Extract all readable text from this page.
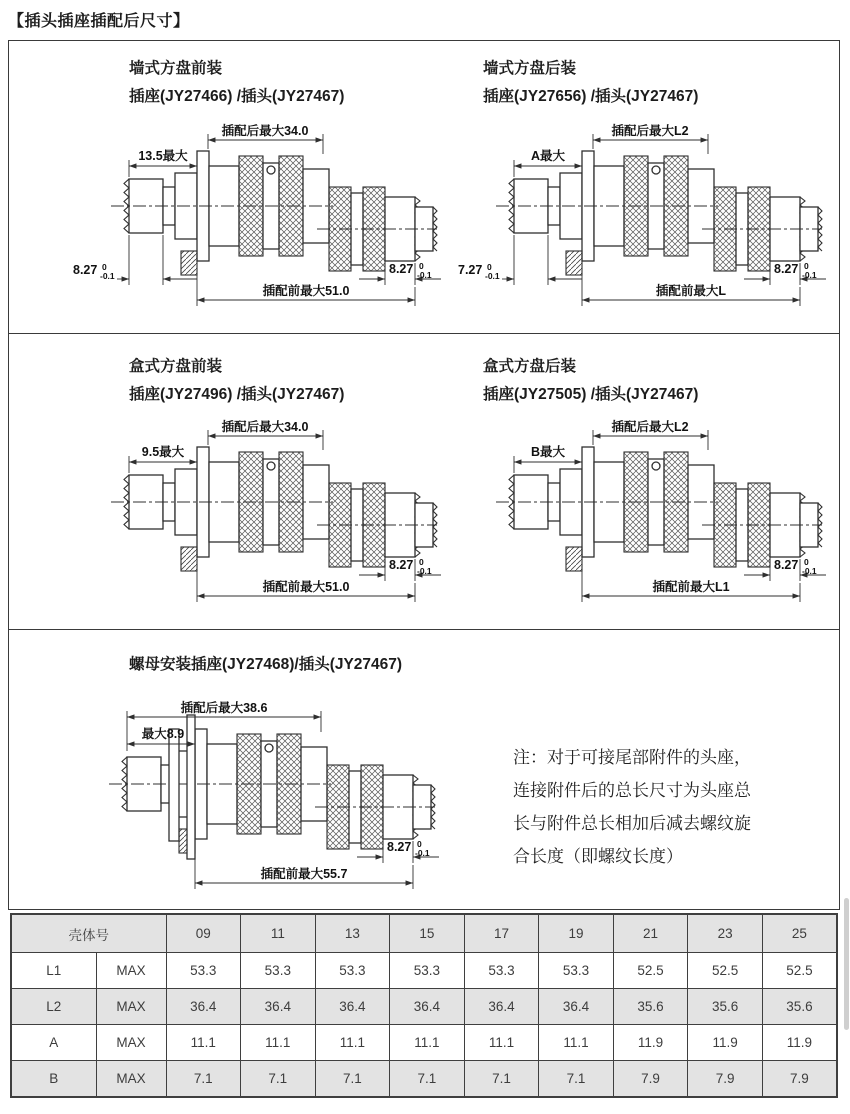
【插头插座插配后尺寸】
墙式方盘前装
插座(JY27466) /插头(JY27467)
插配后最大34.0
13.5最大
8.27 0
-0.1	8.27 0
-0.1
插配前最大51.0
墙式方盘后装
插座(JY27656) /插头(JY27467)
插配后最大L2
A最大
7.27 0
-0.1	8.27 0
-0.1
插配前最大L
盒式方盘前装
插座(JY27496) /插头(JY27467)
插配后最大34.0
9.5最大
8.27 0
-0.1
插配前最大51.0
盒式方盘后装
插座(JY27505) /插头(JY27467)
插配后最大L2
B最大
8.27 0
-0.1
插配前最大L1
螺母安装插座(JY27468)/插头(JY27467)
插配后最大38.6
最大8.9
8.27 0
-0.1
插配前最大55.7
注：对于可接尾部附件的头座，
连接附件后的总长尺寸为头座总
长与附件总长相加后减去螺纹旋
合长度（即螺纹长度）
壳体号		09	11	13	15	17	19	21	23	25
L1	MAX	53.3	53.3	53.3	53.3	53.3	53.3	52.5	52.5	52.5
L2	MAX	36.4	36.4	36.4	36.4	36.4	36.4	35.6	35.6	35.6
A	MAX	11.1	11.1	11.1	11.1	11.1	11.1	11.9	11.9	11.9
B	MAX	7.1	7.1	7.1	7.1	7.1	7.1	7.9	7.9	7.9
